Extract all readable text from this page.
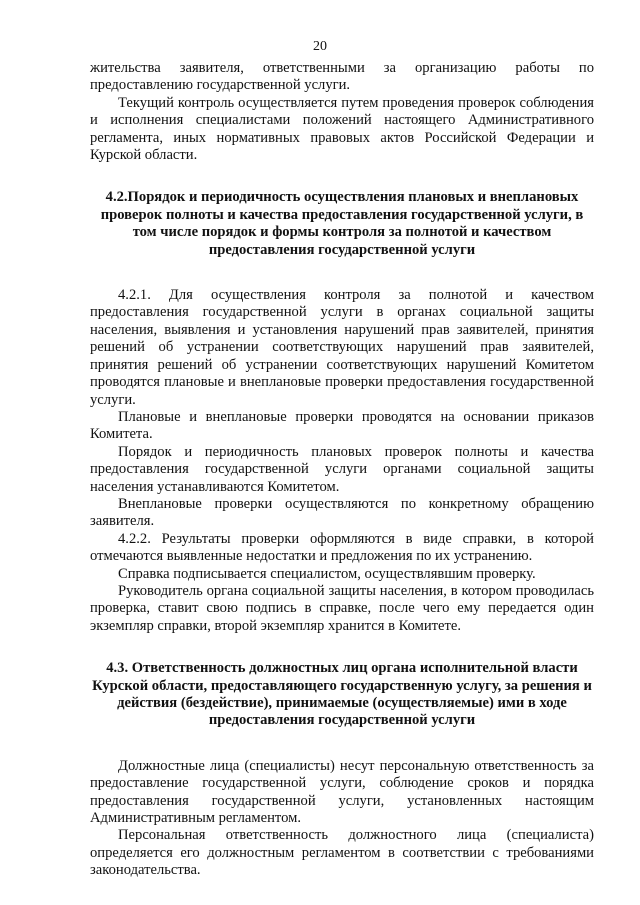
20

жительства заявителя, ответственными за организацию работы по предоставлению государственной услуги.

Текущий контроль осуществляется путем проведения проверок соблюдения и исполнения специалистами положений настоящего Административного регламента, иных нормативных правовых актов Российской Федерации и Курской области.

4.2.Порядок и периодичность осуществления плановых и внеплановых проверок полноты и качества предоставления государственной услуги, в том числе порядок и формы контроля за полнотой и качеством предоставления государственной услуги

4.2.1. Для осуществления контроля за полнотой и качеством предоставления государственной услуги в органах социальной защиты населения, выявления и установления нарушений прав заявителей, принятия решений об устранении соответствующих нарушений прав заявителей, принятия решений об устранении соответствующих нарушений Комитетом проводятся плановые и внеплановые проверки предоставления государственной услуги.

Плановые и внеплановые проверки проводятся на основании приказов Комитета.

Порядок и периодичность плановых проверок полноты и качества предоставления государственной услуги органами социальной защиты населения устанавливаются Комитетом.

Внеплановые проверки осуществляются по конкретному обращению заявителя.

4.2.2. Результаты проверки оформляются в виде справки, в которой отмечаются выявленные недостатки и предложения по их устранению.

Справка подписывается специалистом, осуществлявшим проверку.

Руководитель органа социальной защиты населения, в котором проводилась проверка, ставит свою подпись в справке, после чего ему передается один экземпляр справки, второй экземпляр хранится в Комитете.

4.3. Ответственность должностных лиц органа исполнительной власти Курской области, предоставляющего государственную услугу, за решения и действия (бездействие), принимаемые (осуществляемые) ими в ходе предоставления государственной услуги

Должностные лица (специалисты) несут персональную ответственность за предоставление государственной услуги, соблюдение сроков и порядка предоставления государственной услуги, установленных настоящим Административным регламентом.

Персональная ответственность должностного лица (специалиста) определяется его должностным регламентом в соответствии с требованиями законодательства.
